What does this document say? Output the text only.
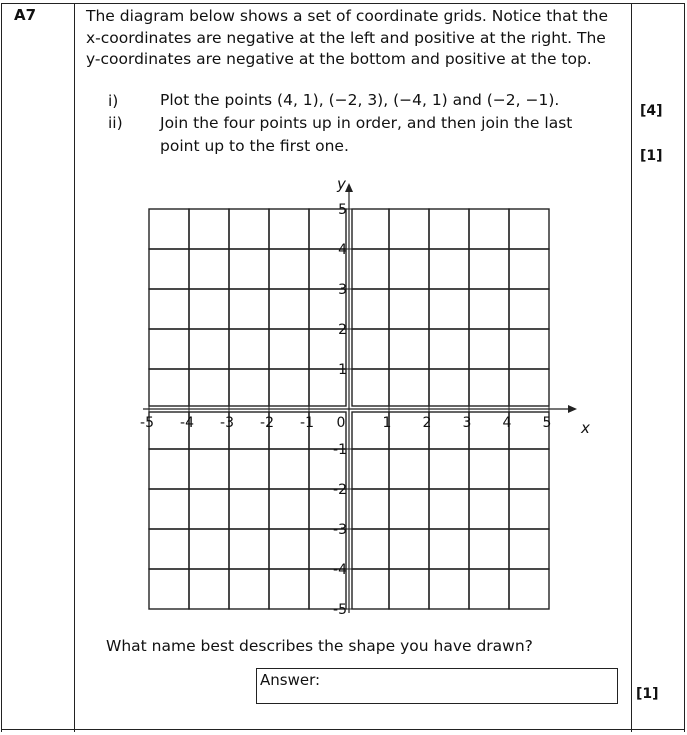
A7	The diagram below shows a set of coordinate grids. Notice that the
x-coordinates are negative at the left and positive at the right. The
y-coordinates are negative at the bottom and positive at the top.
i)	Plot the points (4, 1), (−2, 3), (−4, 1) and (−2, −1).
[4]
ii) Join the four points up in order, and then join the last
point up to the first one.
[1]
-5 -4 -3 -2 -1 0	1 2 3 4 5
5
4
3
2
1
-1
-2
-3
-4
-5
x
y
What name best describes the shape you have drawn?
Answer:
[1]
